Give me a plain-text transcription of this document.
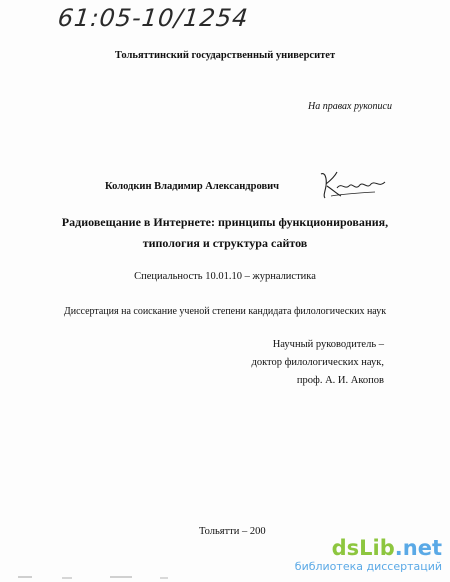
61:05-10/1254
Тольяттинский государственный университет
На правах рукописи
Колодкин Владимир Александрович
Радиовещание в Интернете: принципы функционирования,
типология и структура сайтов
Специальность 10.01.10 – журналистика
Диссертация на соискание ученой степени кандидата филологических наук
Научный руководитель –
доктор филологических наук,
проф. А. И. Акопов
Тольятти – 200
dsLib.net
библиотека диссертаций
